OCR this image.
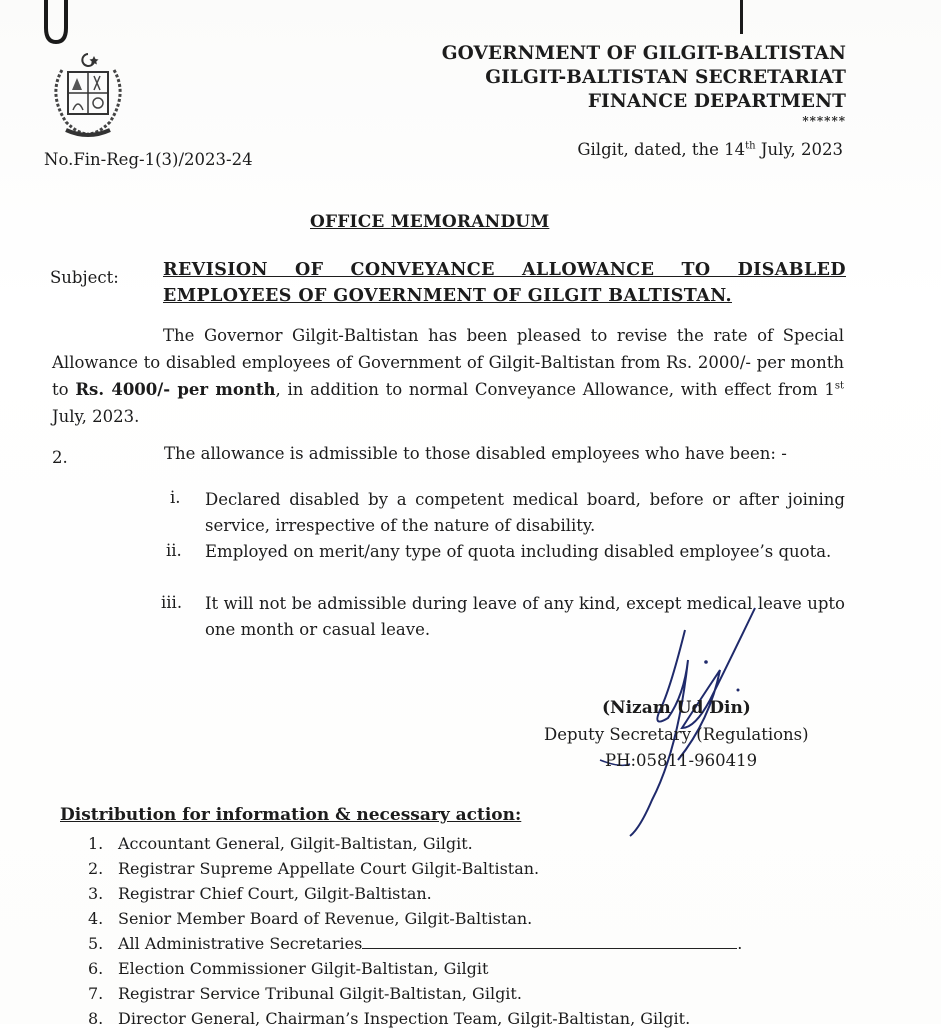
GOVERNMENT OF GILGIT-BALTISTAN
GILGIT-BALTISTAN SECRETARIAT
FINANCE DEPARTMENT
******
No.Fin-Reg-1(3)/2023-24
Gilgit, dated, the 14th July, 2023
OFFICE MEMORANDUM
Subject:	REVISION OF CONVEYANCE ALLOWANCE TO DISABLED
EMPLOYEES OF GOVERNMENT OF GILGIT BALTISTAN.
The Governor Gilgit-Baltistan has been pleased to revise the rate of Special Allowance to disabled employees of Government of Gilgit-Baltistan from Rs. 2000/- per month to Rs. 4000/- per month, in addition to normal Conveyance Allowance, with effect from 1st July, 2023.
2.	The allowance is admissible to those disabled employees who have been: -
i. Declared disabled by a competent medical board, before or after joining service, irrespective of the nature of disability.
ii. Employed on merit/any type of quota including disabled employee’s quota.
iii. It will not be admissible during leave of any kind, except medical leave upto one month or casual leave.
(Nizam Ud Din)
Deputy Secretary (Regulations)
PH:05811-960419
Distribution for information & necessary action:
1. Accountant General, Gilgit-Baltistan, Gilgit.
2. Registrar Supreme Appellate Court Gilgit-Baltistan.
3. Registrar Chief Court, Gilgit-Baltistan.
4. Senior Member Board of Revenue, Gilgit-Baltistan.
5. All Administrative Secretaries	.
6. Election Commissioner Gilgit-Baltistan, Gilgit
7. Registrar Service Tribunal Gilgit-Baltistan, Gilgit.
8. Director General, Chairman’s Inspection Team, Gilgit-Baltistan, Gilgit.
